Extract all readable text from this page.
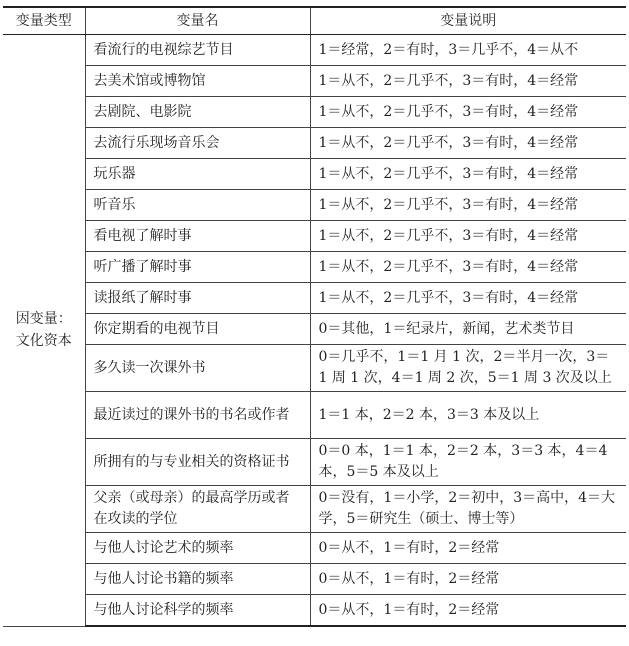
变量类型	变量名	变量说明

因变量：
文化资本	看流行的电视综艺节目	1＝经常，2＝有时，3＝几乎不，4＝从不
	去美术馆或博物馆	1＝从不，2＝几乎不，3＝有时，4＝经常
	去剧院、电影院	1＝从不，2＝几乎不，3＝有时，4＝经常
	去流行乐现场音乐会	1＝从不，2＝几乎不，3＝有时，4＝经常
	玩乐器	1＝从不，2＝几乎不，3＝有时，4＝经常
	听音乐	1＝从不，2＝几乎不，3＝有时，4＝经常
	看电视了解时事	1＝从不，2＝几乎不，3＝有时，4＝经常
	听广播了解时事	1＝从不，2＝几乎不，3＝有时，4＝经常
	读报纸了解时事	1＝从不，2＝几乎不，3＝有时，4＝经常
	你定期看的电视节目	0＝其他，1＝纪录片，新闻，艺术类节目
	多久读一次课外书	0＝几乎不，1＝1 月 1 次，2＝半月一次，3＝1 周 1 次，4＝1 周 2 次，5＝1 周 3 次及以上
	最近读过的课外书的书名或作者	1＝1 本，2＝2 本，3＝3 本及以上
	所拥有的与专业相关的资格证书	0＝0 本，1＝1 本，2＝2 本，3＝3 本，4＝4 本，5＝5 本及以上
	父亲（或母亲）的最高学历或者在攻读的学位	0＝没有，1＝小学，2＝初中，3＝高中，4＝大学，5＝研究生（硕士、博士等）
	与他人讨论艺术的频率	0＝从不，1＝有时，2＝经常
	与他人讨论书籍的频率	0＝从不，1＝有时，2＝经常
	与他人讨论科学的频率	0＝从不，1＝有时，2＝经常
